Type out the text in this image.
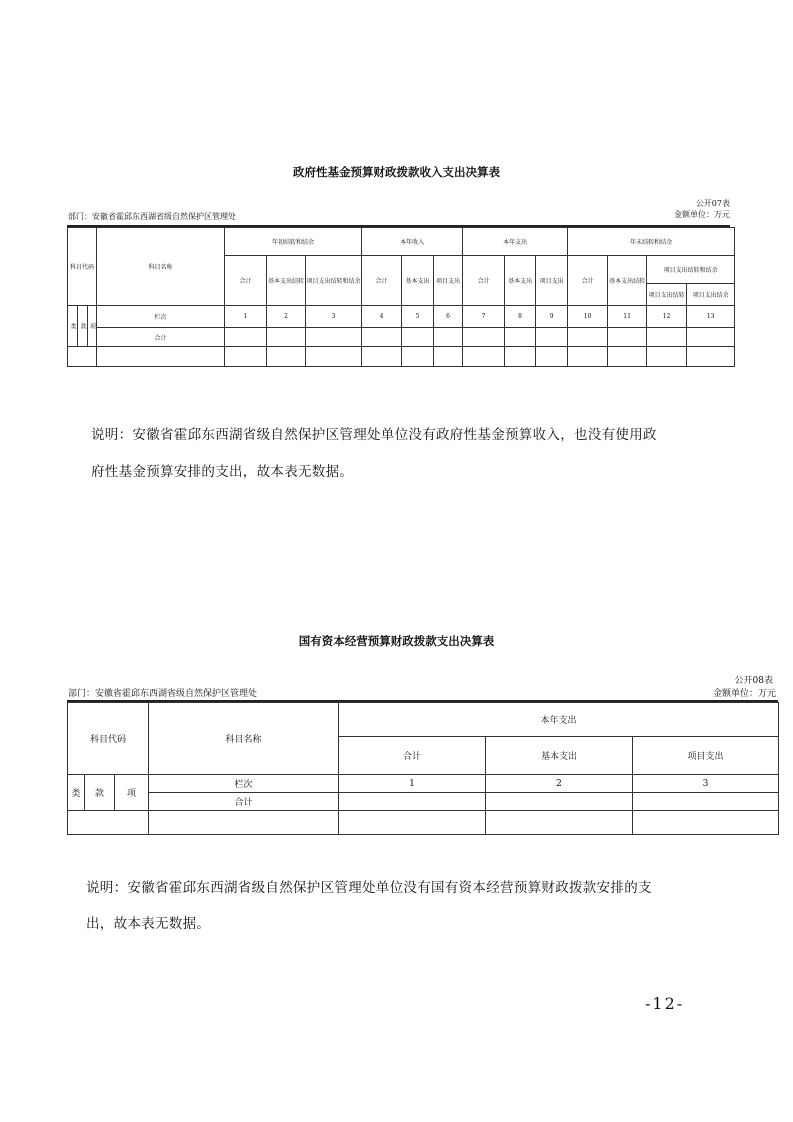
政府性基金预算财政拨款收入支出决算表
公开07表
部门：安徽省霍邱东西湖省级自然保护区管理处	金额单位：万元
科目代码			科目名称	年初结转和结余			本年收入			本年支出			年末结转和结余			
				合计	基本支出结转	项目支出结转和结余	合计	基本支出	项目支出	合计	基本支出	项目支出	合计	基本支出结转	项目支出结转和结余	
															项目支出结转	项目支出结余
类	款	项	栏次	1	2	3	4	5	6	7	8	9	10	11	12	13
			合计													

说明：安徽省霍邱东西湖省级自然保护区管理处单位没有政府性基金预算收入，也没有使用政
府性基金预算安排的支出，故本表无数据。
国有资本经营预算财政拨款支出决算表
公开08表
部门：安徽省霍邱东西湖省级自然保护区管理处	金额单位：万元
科目代码			科目名称	本年支出		
				合计	基本支出	项目支出
类	款	项	栏次	1	2	3
			合计			

说明：安徽省霍邱东西湖省级自然保护区管理处单位没有国有资本经营预算财政拨款安排的支
出，故本表无数据。
-12-
